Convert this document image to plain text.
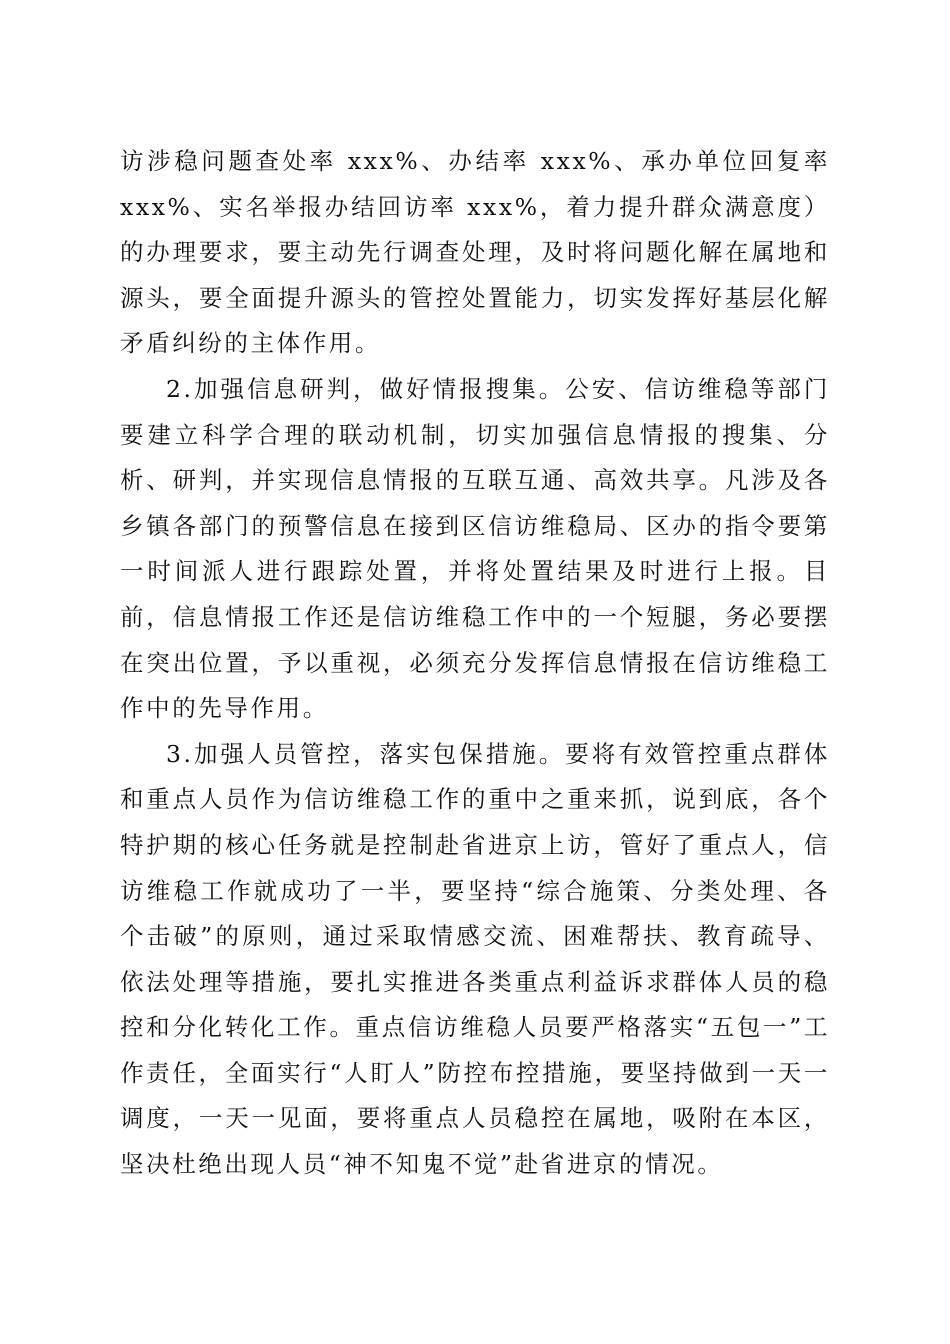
访涉稳问题查处率 xxx%、办结率 xxx%、承办单位回复率 xxx%、实名举报办结回访率 xxx%，着力提升群众满意度）的办理要求，要主动先行调查处理，及时将问题化解在属地和源头，要全面提升源头的管控处置能力，切实发挥好基层化解矛盾纠纷的主体作用。

2.加强信息研判，做好情报搜集。公安、信访维稳等部门要建立科学合理的联动机制，切实加强信息情报的搜集、分析、研判，并实现信息情报的互联互通、高效共享。凡涉及各乡镇各部门的预警信息在接到区信访维稳局、区办的指令要第一时间派人进行跟踪处置，并将处置结果及时进行上报。目前，信息情报工作还是信访维稳工作中的一个短腿，务必要摆在突出位置，予以重视，必须充分发挥信息情报在信访维稳工作中的先导作用。

3.加强人员管控，落实包保措施。要将有效管控重点群体和重点人员作为信访维稳工作的重中之重来抓，说到底，各个特护期的核心任务就是控制赴省进京上访，管好了重点人，信访维稳工作就成功了一半，要坚持“综合施策、分类处理、各个击破”的原则，通过采取情感交流、困难帮扶、教育疏导、依法处理等措施，要扎实推进各类重点利益诉求群体人员的稳控和分化转化工作。重点信访维稳人员要严格落实“五包一”工作责任，全面实行“人盯人”防控布控措施，要坚持做到一天一调度，一天一见面，要将重点人员稳控在属地，吸附在本区，坚决杜绝出现人员“神不知鬼不觉”赴省进京的情况。
